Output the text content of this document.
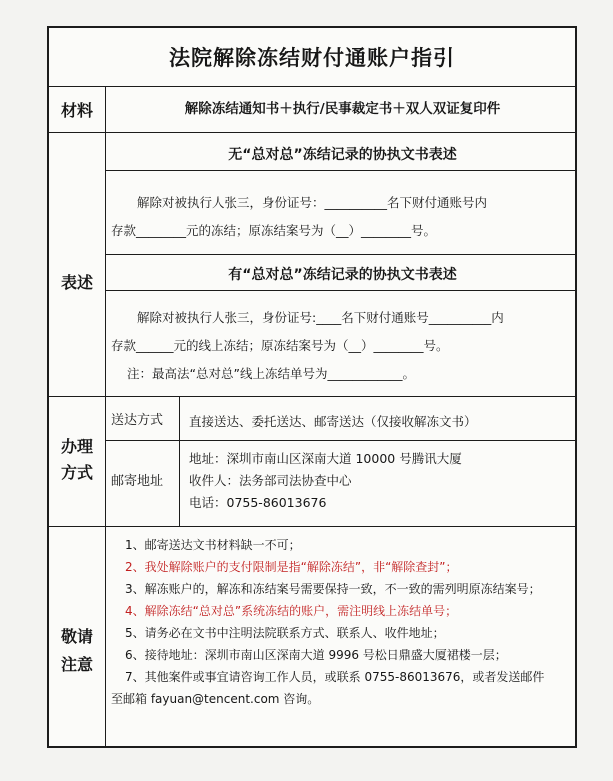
法院解除冻结财付通账户指引
材料	解除冻结通知书＋执行/民事裁定书＋双人双证复印件
表述
无“总对总”冻结记录的协执文书表述
解除对被执行人张三，身份证号：__________名下财付通账号内
存款________元的冻结；原冻结案号为（__）________号。
有“总对总”冻结记录的协执文书表述
解除对被执行人张三，身份证号:____名下财付通账号__________内
存款______元的线上冻结；原冻结案号为（__）________号。
注：最高法“总对总”线上冻结单号为____________。
办理
方式
送达方式 直接送达、委托送达、邮寄送达（仅接收解冻文书）
邮寄地址
地址：深圳市南山区深南大道 10000 号腾讯大厦
收件人：法务部司法协查中心
电话：0755-86013676
敬请
注意
1、邮寄送达文书材料缺一不可；
2、我处解除账户的支付限制是指“解除冻结”，非“解除查封”；
3、解冻账户的，解冻和冻结案号需要保持一致，不一致的需列明原冻结案号；
4、解除冻结“总对总”系统冻结的账户，需注明线上冻结单号；
5、请务必在文书中注明法院联系方式、联系人、收件地址；
6、接待地址：深圳市南山区深南大道 9996 号松日鼎盛大厦裙楼一层；
7、其他案件或事宜请咨询工作人员，或联系 0755-86013676，或者发送邮件
至邮箱 fayuan@tencent.com 咨询。
